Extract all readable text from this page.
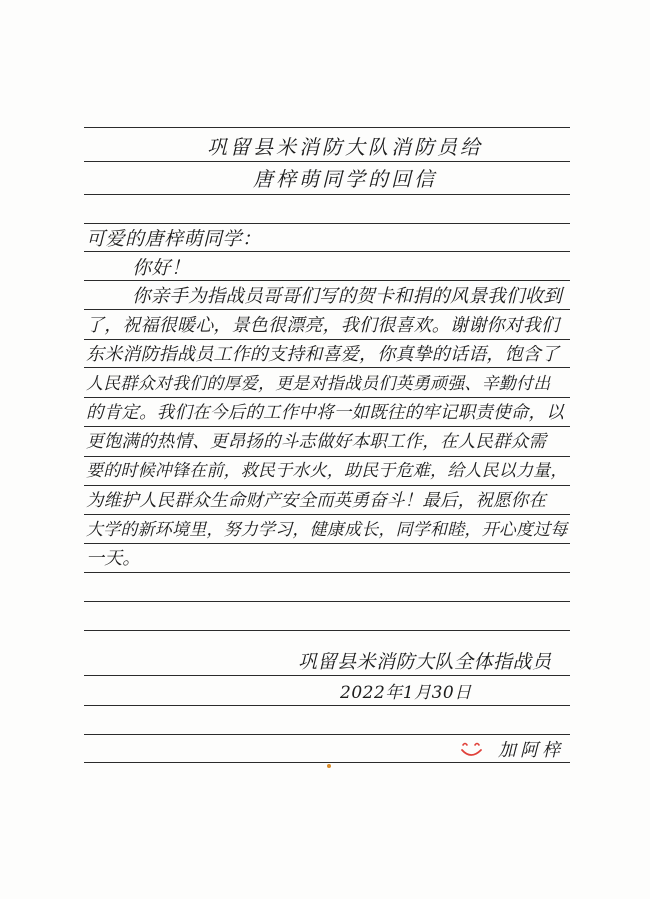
巩留县米消防大队消防员给
唐梓萌同学的回信
可爱的唐梓萌同学：
你好！
你亲手为指战员哥哥们写的贺卡和捐的风景我们收到
了，祝福很暖心，景色很漂亮，我们很喜欢。谢谢你对我们
东米消防指战员工作的支持和喜爱，你真挚的话语，饱含了
人民群众对我们的厚爱，更是对指战员们英勇顽强、辛勤付出
的肯定。我们在今后的工作中将一如既往的牢记职责使命，以
更饱满的热情、更昂扬的斗志做好本职工作，在人民群众需
要的时候冲锋在前，救民于水火，助民于危难，给人民以力量，
为维护人民群众生命财产安全而英勇奋斗！最后，祝愿你在
大学的新环境里，努力学习，健康成长，同学和睦，开心度过每
一天。
巩留县米消防大队全体指战员
2022年1月30日
加阿梓
